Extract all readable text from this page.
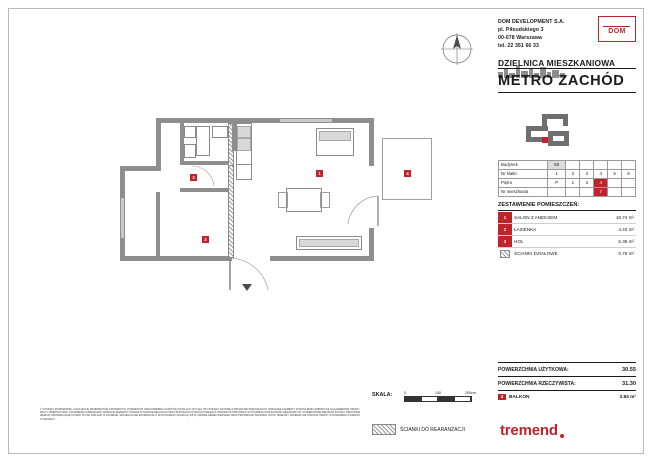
DOM DEVELOPMENT S.A.
pl. Piłsudskiego 3
00-078 Warszawa
tel. 22 351 66 33
DOM
DZIELNICA MIESZKANIOWA
METRO ZACHÓD
Budynek	50					
Nr klatki	1	2	3	4	5	6
Piętro	P	1	2	4		
Nr mieszkania				7		
ZESTAWIENIE POMIESZCZEŃ:
1	SALON Z ANEKSEM	19.74 m²
2	ŁAZIENKA	4.43 m²
3	HOL	6.38 m²

	ŚCIANKI DZIAŁOWE	0.75 m²
POWIERZCHNIA UŻYTKOWA:	30.55
POWIERZCHNIA RZECZYWISTA:	31.30
4	BALKON	3.84 m²
SKALA:	0	100	200cm
ŚCIANKI DO REARANŻACJI tremend
© WYMIARY POWIERZCHNI, LOKALIZACJE PRZEDMIOTÓW SANITARNYCH, POJEMNOŚCI ORAZ PRZEBIEG PUNKTÓW INSTALACJI (WYCIĄG ITP.) PODANO ZGODNIE Z PROJEKTEM BUDOWLANYM. WSKAZANE ELEMENTY WYKOŃCZENIA WNĘTRZ NIE SĄ ELEMENTEM OFERTY. RZUTY ORIENTACYJNE I USTAWIENIE POMIESZCZEŃ. WSZELKIE ELEMENTY PODANE W TRAKCIE REALIZACJI PRAC BUDOWLANYCH MOGĄ PODLEGAĆ ZMIANOM W PRZYPADKU WYSTĄPIENIA OKOLICZNOŚCI NIEZALEŻNYCH. POWIERZCHNIE MIESZKAŃ ZOSTAŁY OBLICZONE WEDŁUG OBOWIĄZUJĄCEJ NORMY PN-ISO 9836:1997 W ZAKRESIE. SZCZEGÓŁOWE INFORMACJE O WYKOŃCZENIU ZNAJDUJĄ SIĘ W UMOWIE DEWELOPERSKIEJ ORAZ PROSPEKCIE INFORMACYJNYM. NINIEJSZY MATERIAŁ NIE STANOWI OFERTY W ROZUMIENIU KODEKSU CYWILNEGO.
1
2
3
4
